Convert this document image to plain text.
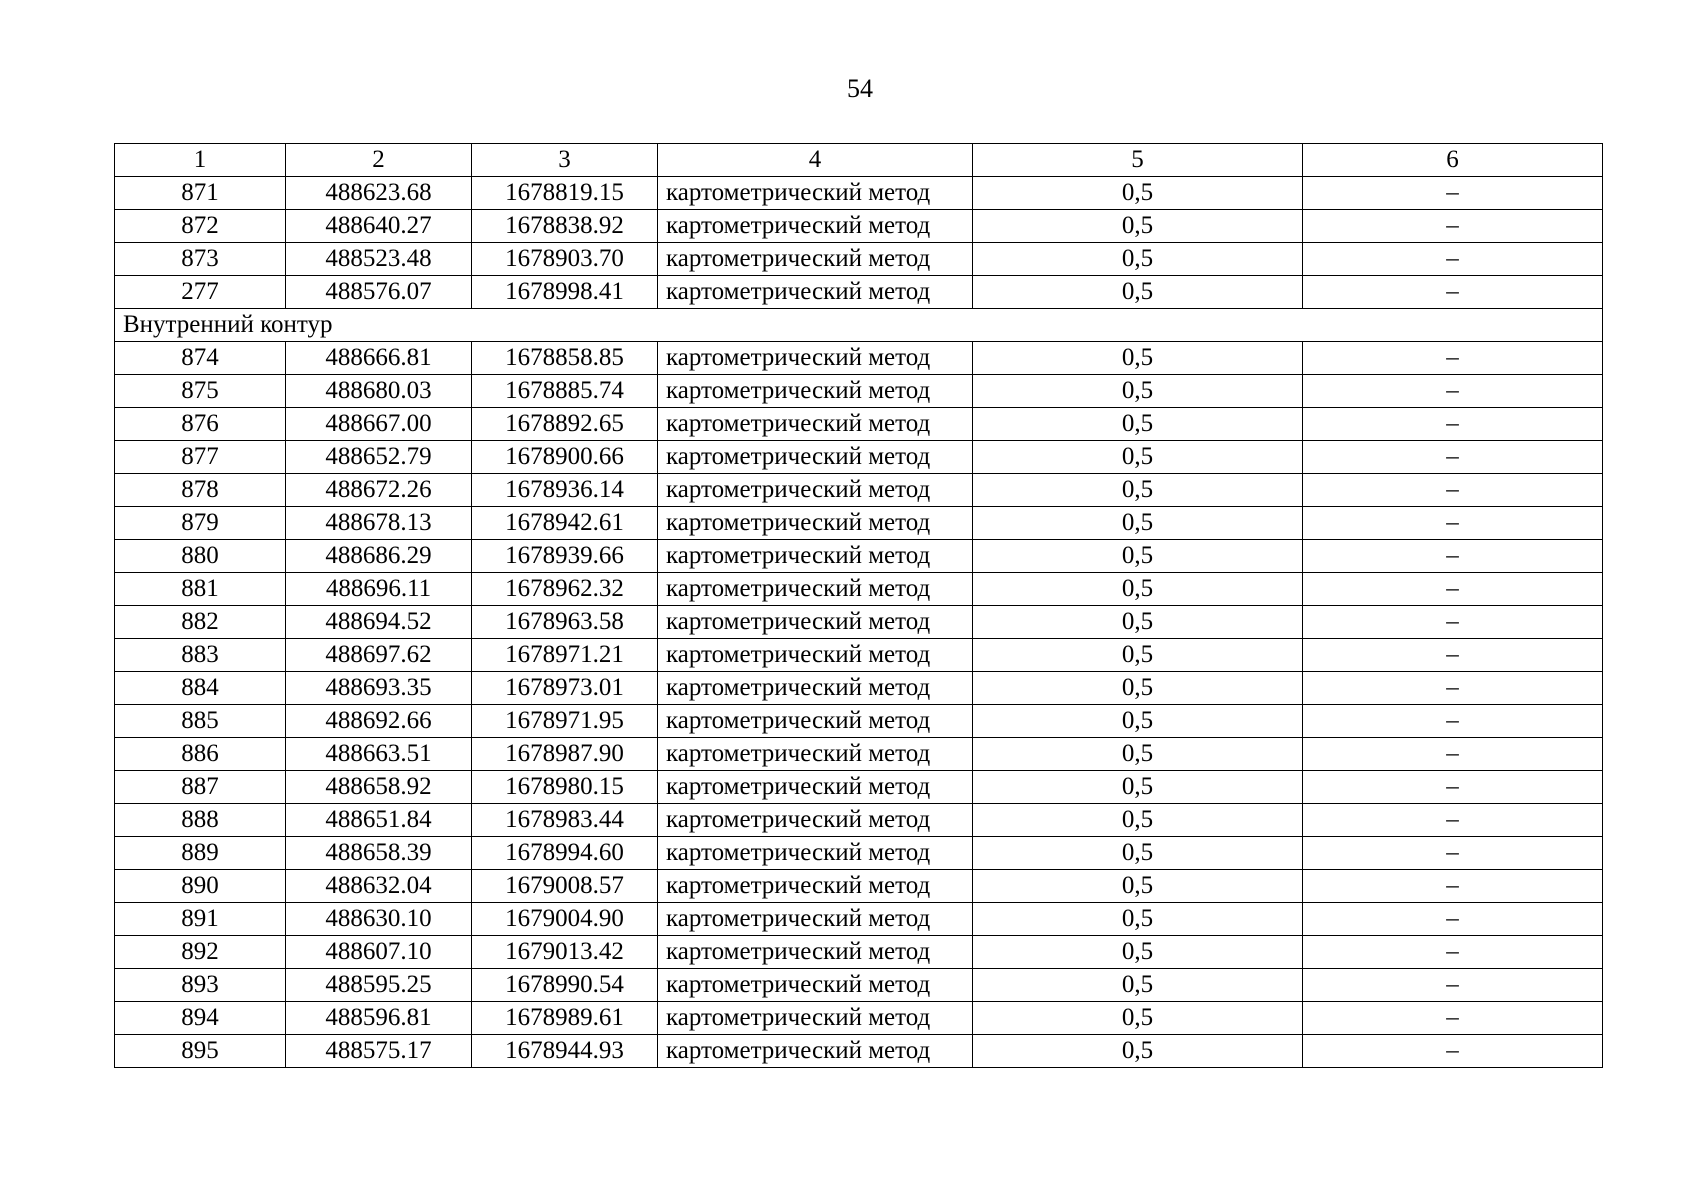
54
1	2	3	4	5	6
871	488623.68	1678819.15	картометрический метод	0,5	–
872	488640.27	1678838.92	картометрический метод	0,5	–
873	488523.48	1678903.70	картометрический метод	0,5	–
277	488576.07	1678998.41	картометрический метод	0,5	–
Внутренний контур					
874	488666.81	1678858.85	картометрический метод	0,5	–
875	488680.03	1678885.74	картометрический метод	0,5	–
876	488667.00	1678892.65	картометрический метод	0,5	–
877	488652.79	1678900.66	картометрический метод	0,5	–
878	488672.26	1678936.14	картометрический метод	0,5	–
879	488678.13	1678942.61	картометрический метод	0,5	–
880	488686.29	1678939.66	картометрический метод	0,5	–
881	488696.11	1678962.32	картометрический метод	0,5	–
882	488694.52	1678963.58	картометрический метод	0,5	–
883	488697.62	1678971.21	картометрический метод	0,5	–
884	488693.35	1678973.01	картометрический метод	0,5	–
885	488692.66	1678971.95	картометрический метод	0,5	–
886	488663.51	1678987.90	картометрический метод	0,5	–
887	488658.92	1678980.15	картометрический метод	0,5	–
888	488651.84	1678983.44	картометрический метод	0,5	–
889	488658.39	1678994.60	картометрический метод	0,5	–
890	488632.04	1679008.57	картометрический метод	0,5	–
891	488630.10	1679004.90	картометрический метод	0,5	–
892	488607.10	1679013.42	картометрический метод	0,5	–
893	488595.25	1678990.54	картометрический метод	0,5	–
894	488596.81	1678989.61	картометрический метод	0,5	–
895	488575.17	1678944.93	картометрический метод	0,5	–
